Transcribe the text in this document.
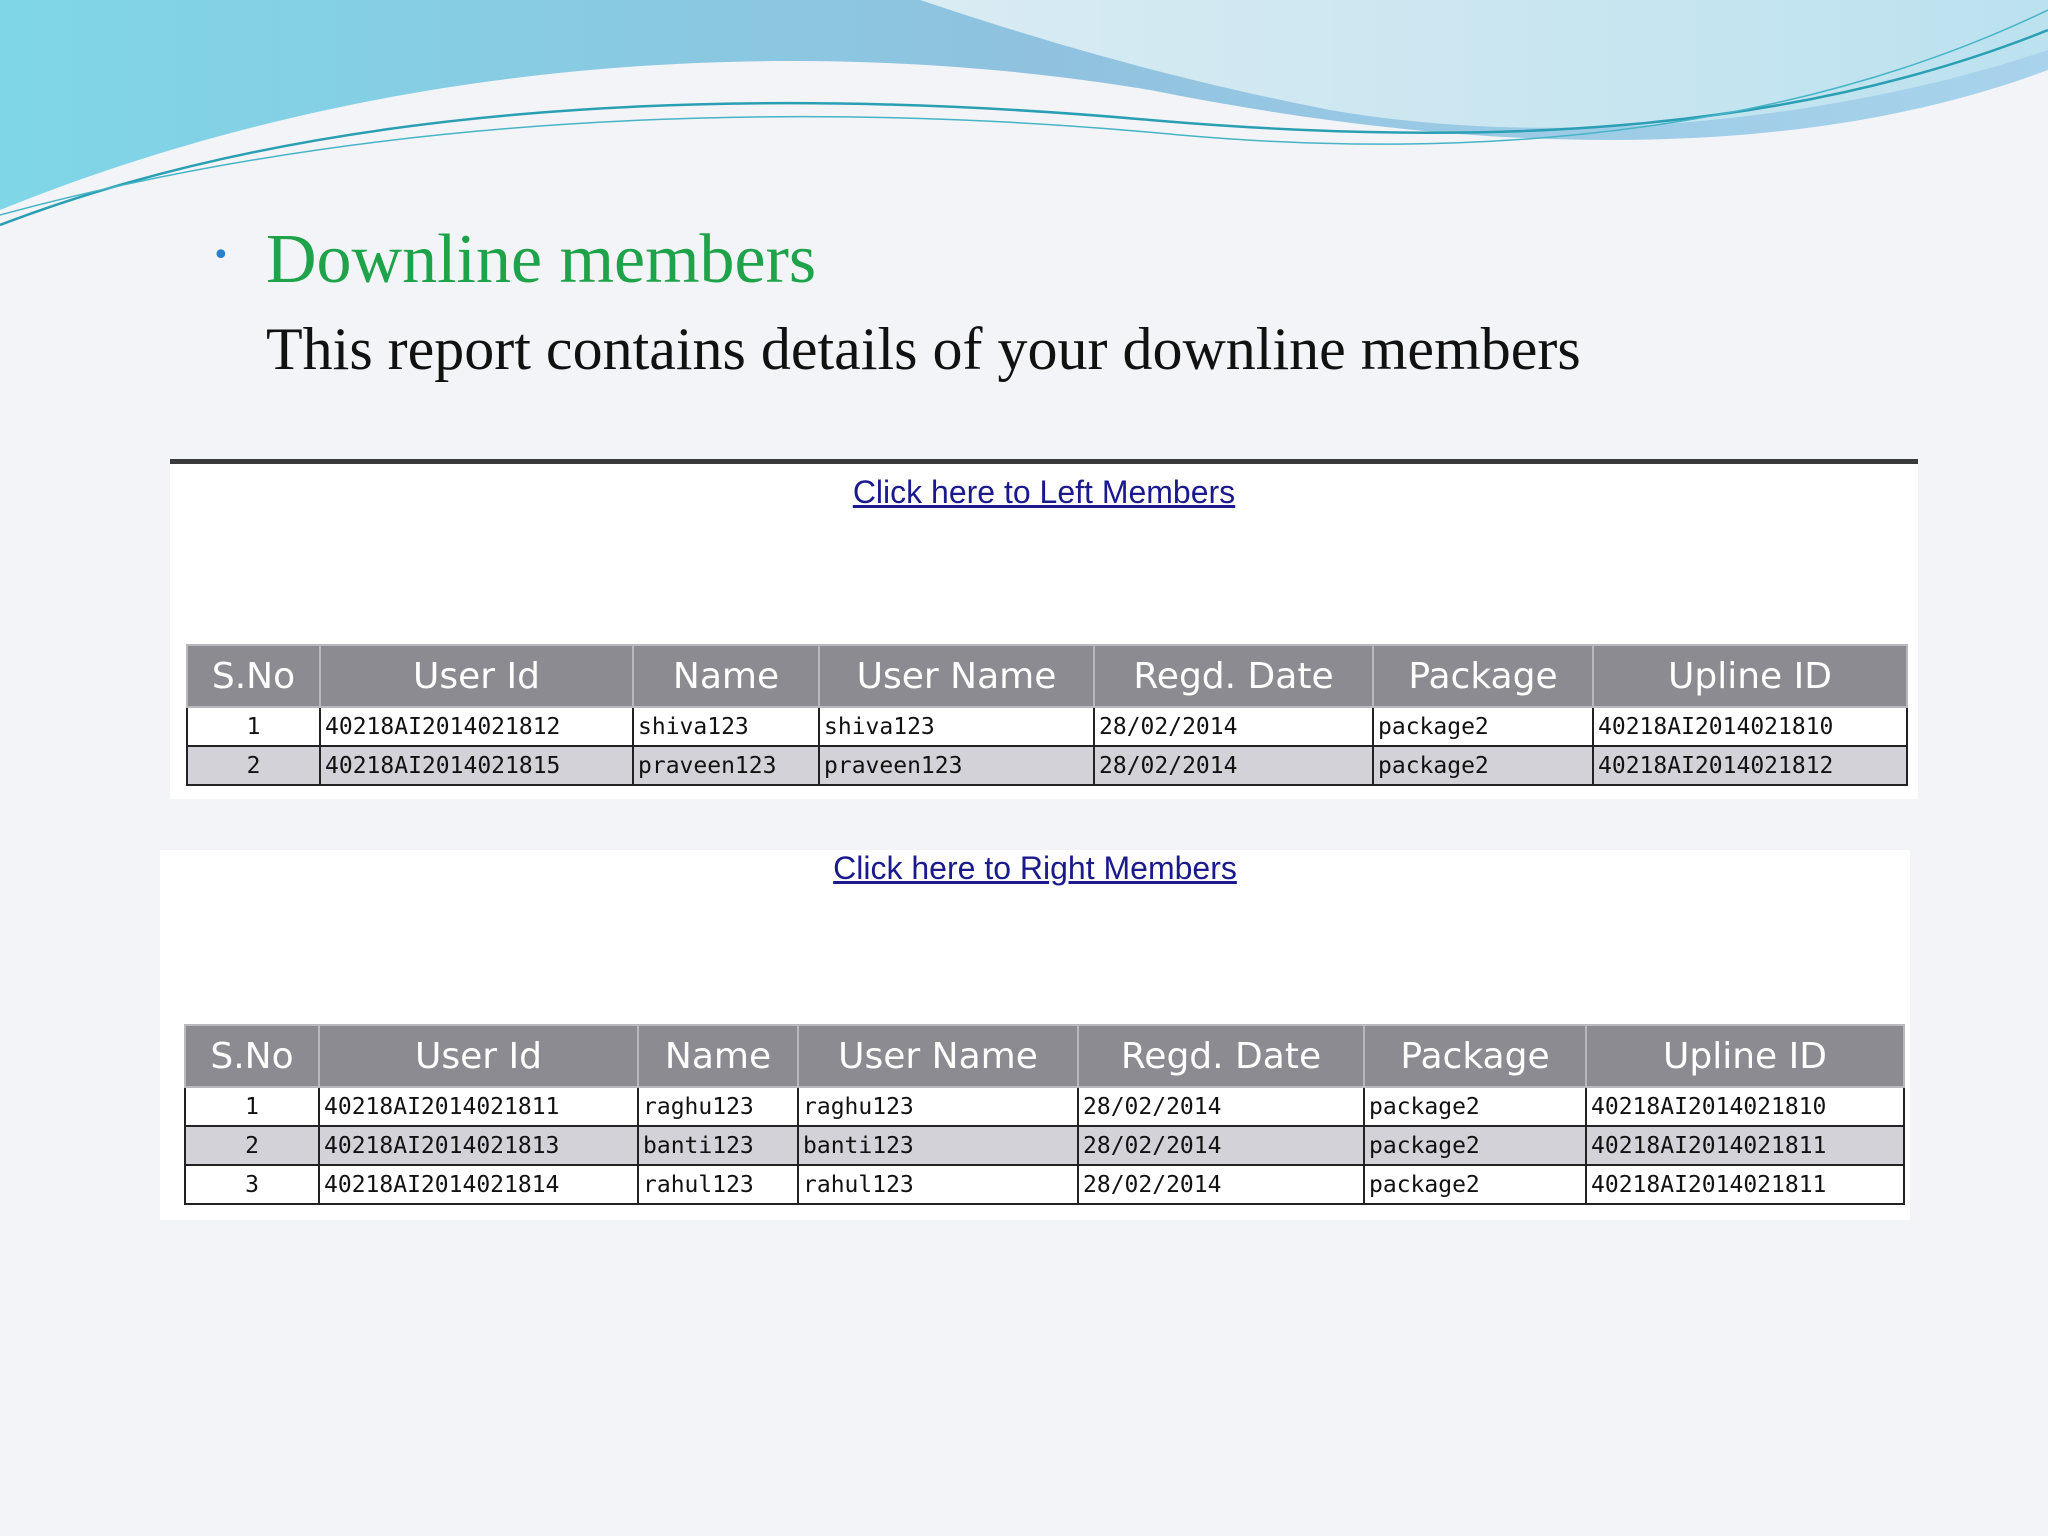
• Downline members
This report contains details of your downline members
Click here to Left Members
S.No	User Id	Name	User Name	Regd. Date	Package	Upline ID
1	40218AI2014021812	shiva123	shiva123	28/02/2014	package2	40218AI2014021810
2	40218AI2014021815	praveen123	praveen123	28/02/2014	package2	40218AI2014021812
Click here to Right Members
S.No	User Id	Name	User Name	Regd. Date	Package	Upline ID
1	40218AI2014021811	raghu123	raghu123	28/02/2014	package2	40218AI2014021810
2	40218AI2014021813	banti123	banti123	28/02/2014	package2	40218AI2014021811
3	40218AI2014021814	rahul123	rahul123	28/02/2014	package2	40218AI2014021811
